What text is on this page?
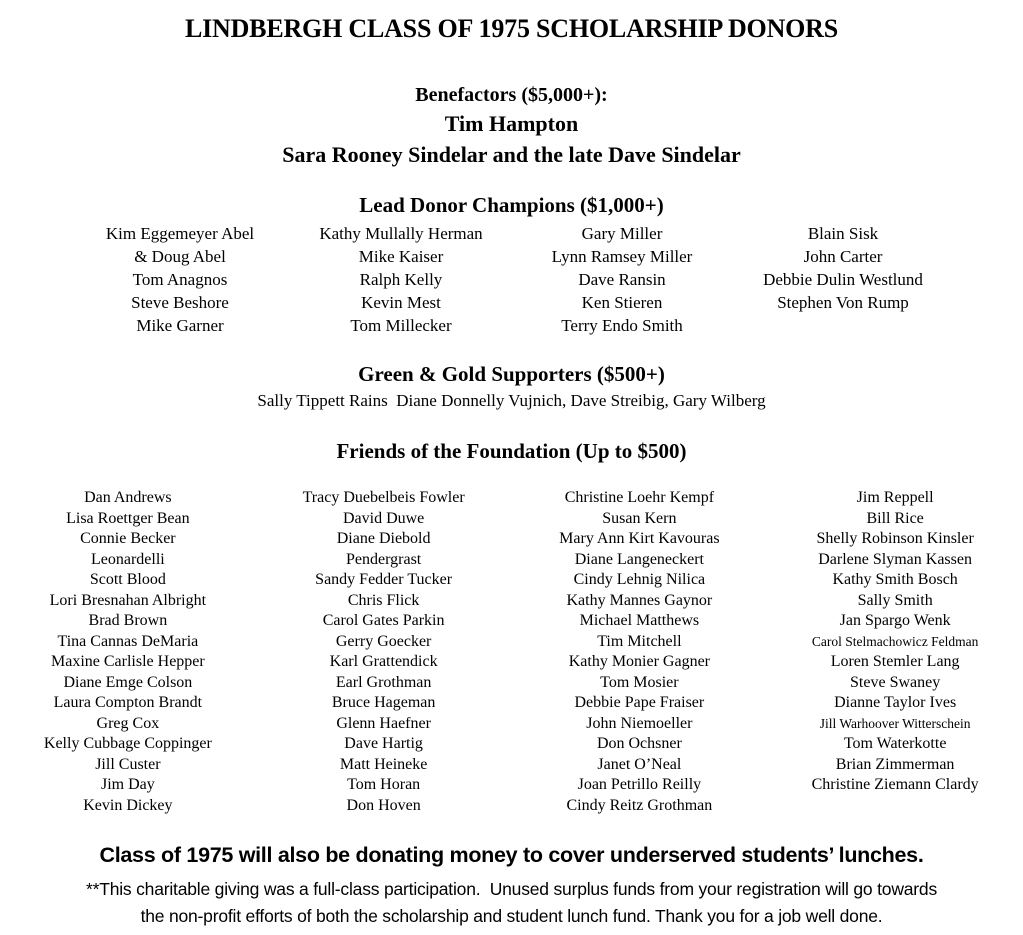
LINDBERGH CLASS OF 1975 SCHOLARSHIP DONORS
Benefactors ($5,000+):
Tim Hampton
Sara Rooney Sindelar and the late Dave Sindelar
Lead Donor Champions ($1,000+)
Kim Eggemeyer Abel
& Doug Abel
Tom Anagnos
Steve Beshore
Mike Garner
Kathy Mullally Herman
Mike Kaiser
Ralph Kelly
Kevin Mest
Tom Millecker
Gary Miller
Lynn Ramsey Miller
Dave Ransin
Ken Stieren
Terry Endo Smith
Blain Sisk
John Carter
Debbie Dulin Westlund
Stephen Von Rump
Green & Gold Supporters ($500+)
Sally Tippett Rains  Diane Donnelly Vujnich, Dave Streibig, Gary Wilberg
Friends of the Foundation (Up to $500)
Dan Andrews
Lisa Roettger Bean
Connie Becker
Leonardelli
Scott Blood
Lori Bresnahan Albright
Brad Brown
Tina Cannas DeMaria
Maxine Carlisle Hepper
Diane Emge Colson
Laura Compton Brandt
Greg Cox
Kelly Cubbage Coppinger
Jill Custer
Jim Day
Kevin Dickey
Tracy Duebelbeis Fowler
David Duwe
Diane Diebold
Pendergrast
Sandy Fedder Tucker
Chris Flick
Carol Gates Parkin
Gerry Goecker
Karl Grattendick
Earl Grothman
Bruce Hageman
Glenn Haefner
Dave Hartig
Matt Heineke
Tom Horan
Don Hoven
Christine Loehr Kempf
Susan Kern
Mary Ann Kirt Kavouras
Diane Langeneckert
Cindy Lehnig Nilica
Kathy Mannes Gaynor
Michael Matthews
Tim Mitchell
Kathy Monier Gagner
Tom Mosier
Debbie Pape Fraiser
John Niemoeller
Don Ochsner
Janet O’Neal
Joan Petrillo Reilly
Cindy Reitz Grothman
Jim Reppell
Bill Rice
Shelly Robinson Kinsler
Darlene Slyman Kassen
Kathy Smith Bosch
Sally Smith
Jan Spargo Wenk
Carol Stelmachowicz Feldman
Loren Stemler Lang
Steve Swaney
Dianne Taylor Ives
Jill Warhoover Witterschein
Tom Waterkotte
Brian Zimmerman
Christine Ziemann Clardy
Class of 1975 will also be donating money to cover underserved students’ lunches.
**This charitable giving was a full-class participation.  Unused surplus funds from your registration will go towards
the non-profit efforts of both the scholarship and student lunch fund. Thank you for a job well done.
